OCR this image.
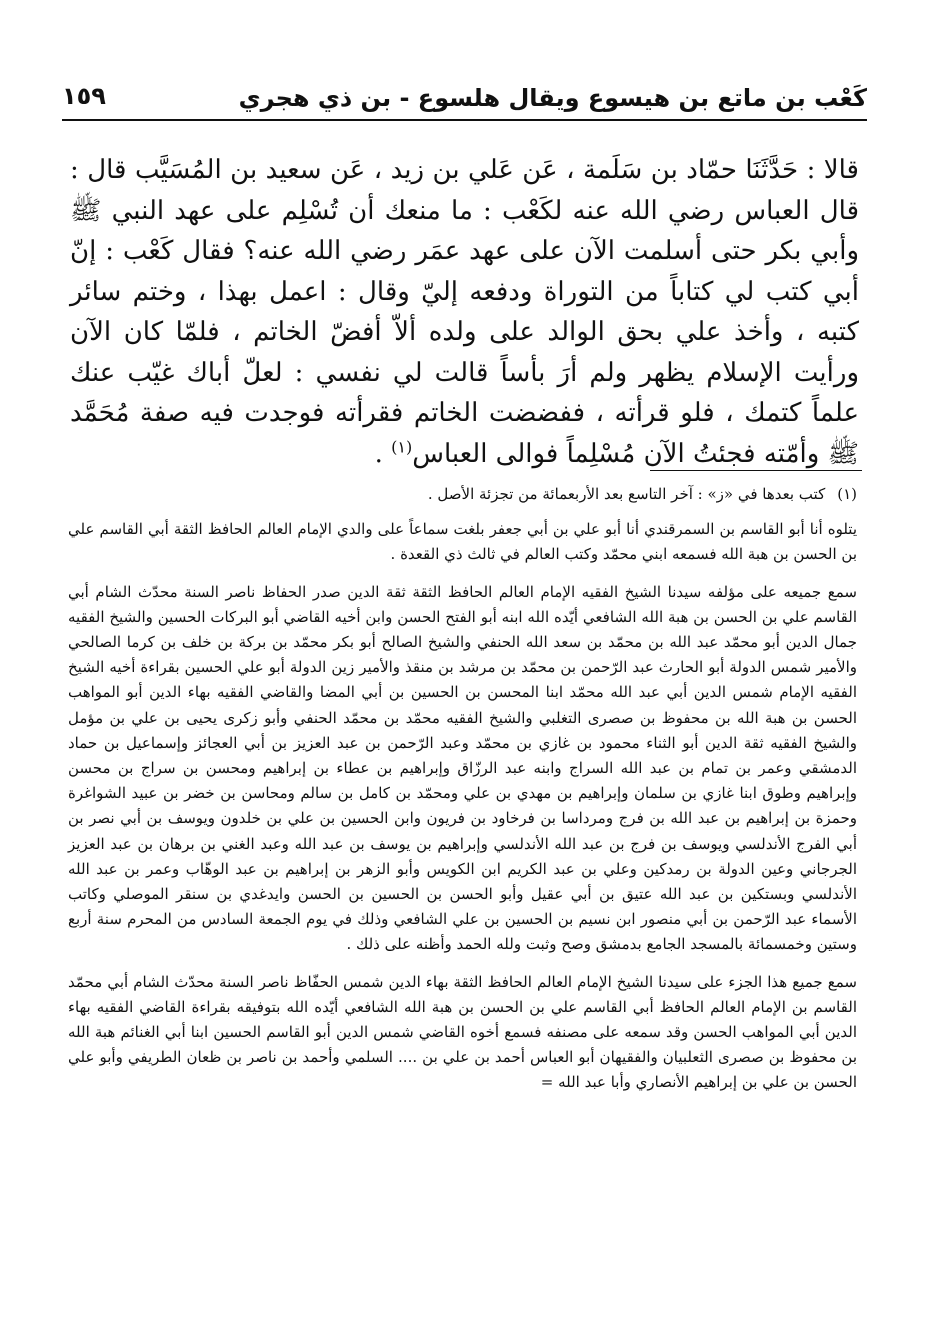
كَعْب بن ماتع بن هيسوع ويقال هلسوع - بن ذي هجري
١٥٩
قالا : حَدَّثَنَا حمّاد بن سَلَمة ، عَن عَلي بن زيد ، عَن سعيد بن المُسَيَّب قال : قال العباس رضي الله عنه لكَعْب : ما منعك أن تُسْلِم على عهد النبي ﷺ وأبي بكر حتى أسلمت الآن على عهد عمَر رضي الله عنه؟ فقال كَعْب : إنّ أبي كتب لي كتاباً من التوراة ودفعه إليّ وقال : اعمل بهذا ، وختم سائر كتبه ، وأخذ علي بحق الوالد على ولده ألاّ أفضّ الخاتم ، فلمّا كان الآن ورأيت الإسلام يظهر ولم أرَ بأساً قالت لي نفسي : لعلّ أباك غيّب عنك علماً كتمك ، فلو قرأته ، ففضضت الخاتم فقرأته فوجدت فيه صفة مُحَمَّد ﷺ وأمّته فجئتُ الآن مُسْلِماً فوالى العباس$^{(١)}$ .

(١)كتب بعدها في «ز» : آخر التاسع بعد الأربعمائة من تجزئة الأصل .

يتلوه أنا أبو القاسم بن السمرقندي أنا أبو علي بن أبي جعفر بلغت سماعاً على والدي الإمام العالم الحافظ الثقة أبي القاسم علي بن الحسن بن هبة الله فسمعه ابني محمّد وكتب العالم في ثالث ذي القعدة .

سمع جميعه على مؤلفه سيدنا الشيخ الفقيه الإمام العالم الحافظ الثقة ثقة الدين صدر الحفاظ ناصر السنة محدّث الشام أبي القاسم علي بن الحسن بن هبة الله الشافعي أيّده الله ابنه أبو الفتح الحسن وابن أخيه القاضي أبو البركات الحسين والشيخ الفقيه جمال الدين أبو محمّد عبد الله بن محمّد بن سعد الله الحنفي والشيخ الصالح أبو بكر محمّد بن بركة بن خلف بن كرما الصالحي والأمير شمس الدولة أبو الحارث عبد الرّحمن بن محمّد بن مرشد بن منقذ والأمير زين الدولة أبو علي الحسين بقراءة أخيه الشيخ الفقيه الإمام شمس الدين أبي عبد الله محمّد ابنا المحسن بن الحسين بن أبي المضا والقاضي الفقيه بهاء الدين أبو المواهب الحسن بن هبة الله بن محفوظ بن صصرى التغلبي والشيخ الفقيه محمّد بن محمّد الحنفي وأبو زكرى يحيى بن علي بن مؤمل والشيخ الفقيه ثقة الدين أبو الثناء محمود بن غازي بن محمّد وعبد الرّحمن بن عبد العزيز بن أبي العجائز وإسماعيل بن حماد الدمشقي وعمر بن تمام بن عبد الله السراج وابنه عبد الرزّاق وإبراهيم بن عطاء بن إبراهيم ومحسن بن سراج بن محسن وإبراهيم وطوق ابنا غازي بن سلمان وإبراهيم بن مهدي بن علي ومحمّد بن كامل بن سالم ومحاسن بن خضر بن عبيد الشواغرة وحمزة بن إبراهيم بن عبد الله بن فرج ومرداسا بن فرخاود بن فريون وابن الحسين بن علي بن خلدون ويوسف بن أبي نصر بن أبي الفرج الأندلسي ويوسف بن فرج بن عبد الله الأندلسي وإبراهيم بن يوسف بن عبد الله وعبد الغني بن برهان بن عبد العزيز الجرجاني وعين الدولة بن رمدكين وعلي بن عبد الكريم ابن الكويس وأبو الزهر بن إبراهيم بن عبد الوهّاب وعمر بن عبد الله الأندلسي وبستكين بن عبد الله عتيق بن أبي عقيل وأبو الحسن بن الحسين بن الحسن وايدغدي بن سنقر الموصلي وكاتب الأسماء عبد الرّحمن بن أبي منصور ابن نسيم بن الحسين بن علي الشافعي وذلك في يوم الجمعة السادس من المحرم سنة أربع وستين وخمسمائة بالمسجد الجامع بدمشق وصح وثبت ولله الحمد وأظنه على ذلك .

سمع جميع هذا الجزء على سيدنا الشيخ الإمام العالم الحافظ الثقة بهاء الدين شمس الحفّاظ ناصر السنة محدّث الشام أبي محمّد القاسم بن الإمام العالم الحافظ أبي القاسم علي بن الحسن بن هبة الله الشافعي أيّده الله بتوفيقه بقراءة القاضي الفقيه بهاء الدين أبي المواهب الحسن وقد سمعه على مصنفه فسمع أخوه القاضي شمس الدين أبو القاسم الحسين ابنا أبي الغنائم هبة الله بن محفوظ بن صصرى الثعلبيان والفقيهان أبو العباس أحمد بن علي بن .... السلمي وأحمد بن ناصر بن ظعان الطريفي وأبو علي الحسن بن علي بن إبراهيم الأنصاري وأبا عبد الله =
